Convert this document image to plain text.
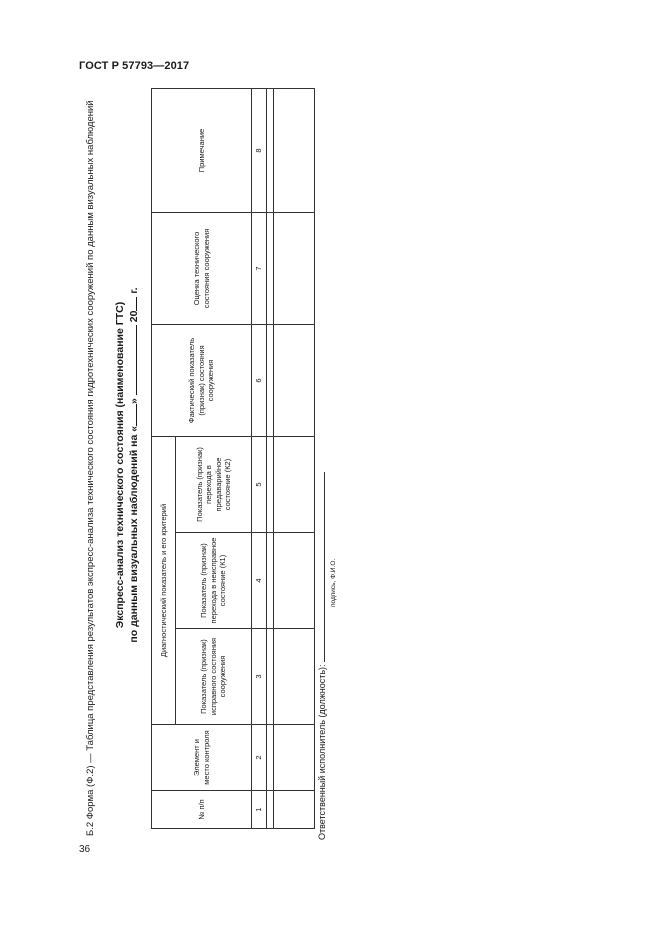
ГОСТ Р 57793—2017
36
Б.2 Форма (Ф.2) — Таблица представления результатов экспресс-анализа технического состояния гидротехнических сооружений по данным визуальных наблюдений Экспресс-анализ технического состояния (наименование ГТС) по данным визуальных наблюдений на «»  20 г.
№ п/п	Элемент и место контроля	Диагностический показатель и его критерий			Фактический показатель (признак) состояния сооружения	Оценка технического состояния сооружения	Примечание
		Показатель (признак) исправного состояния сооружения	Показатель (признак) перехода в неисправное состояние (К1)	Показатель (признак) перехода в предаварийное состояние (К2)			
1	2	3	4	5	6	7	8

Ответственный исполнитель (должность):
подпись, Ф.И.О.
